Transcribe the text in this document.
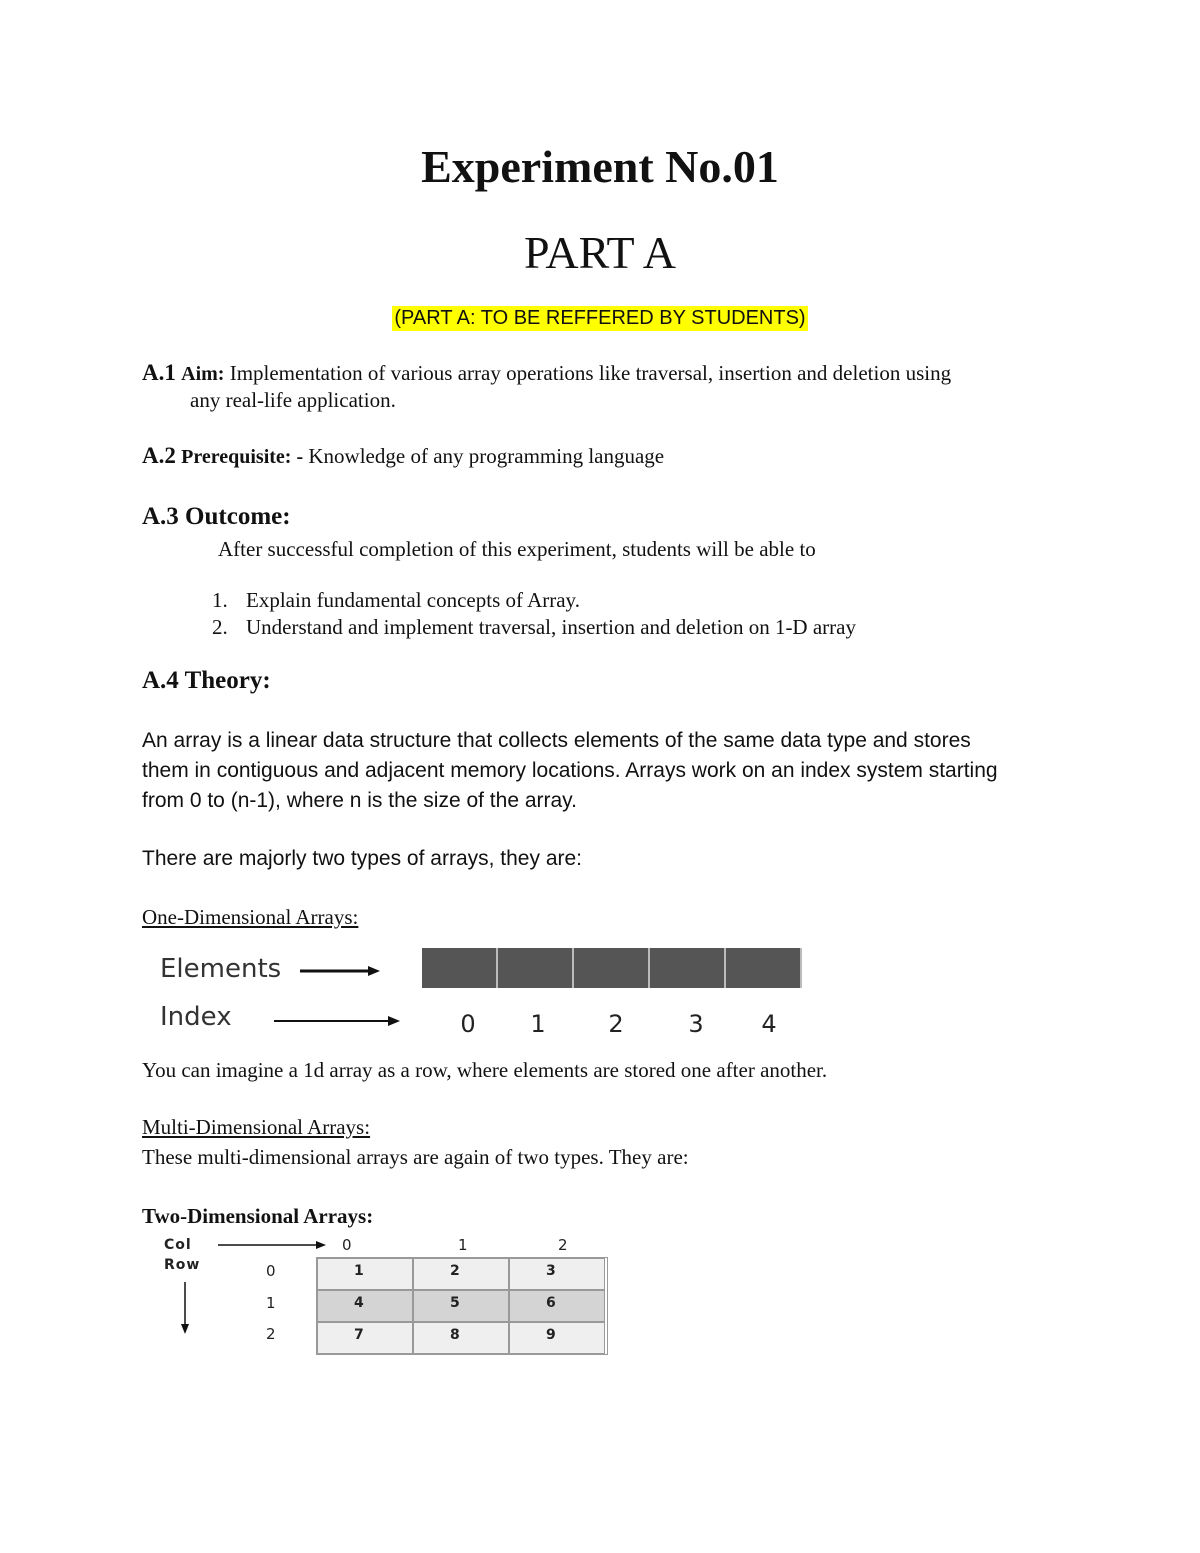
Experiment No.01
PART A
(PART A: TO BE REFFERED BY STUDENTS)
A.1 Aim: Implementation of various array operations like traversal, insertion and deletion using
any real-life application.
A.2 Prerequisite: - Knowledge of any programming language
A.3 Outcome:
After successful completion of this experiment, students will be able to
1. Explain fundamental concepts of Array.
2. Understand and implement traversal, insertion and deletion on 1-D array
A.4 Theory:
An array is a linear data structure that collects elements of the same data type and stores
them in contiguous and adjacent memory locations. Arrays work on an index system starting
from 0 to (n-1), where n is the size of the array.
There are majorly two types of arrays, they are:
One-Dimensional Arrays:
Elements
Index	0	1	2	3	4
You can imagine a 1d array as a row, where elements are stored one after another.
Multi-Dimensional Arrays:
These multi-dimensional arrays are again of two types. They are:
Two-Dimensional Arrays:
Col	0	1	2
Row	0
1
2
1	2	3
4	5	6
7	8	9
